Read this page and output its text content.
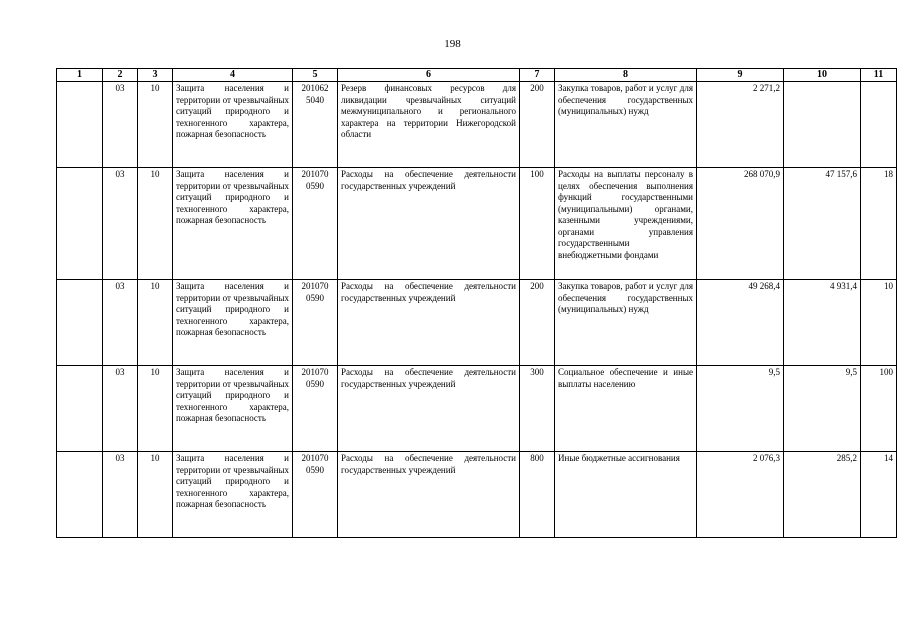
198
1	2	3	4	5	6	7	8	9	10	11
	03	10	Защита населения и территории от чрезвычайных ситуаций природного и техногенного характера, пожарная безопасность	201062 5040	Резерв финансовых ресурсов для ликвидации чрезвычайных ситуаций межмуниципального и регионального характера на территории Нижегородской области	200	Закупка товаров, работ и услуг для обеспечения государственных (муниципальных) нужд	2 271,2		
	03	10	Защита населения и территории от чрезвычайных ситуаций природного и техногенного характера, пожарная безопасность	201070 0590	Расходы на обеспечение деятельности государственных учреждений	100	Расходы на выплаты персоналу в целях обеспечения выполнения функций государственными (муниципальными) органами, казенными учреждениями, органами управления государственными внебюджетными фондами	268 070,9	47 157,6	18
	03	10	Защита населения и территории от чрезвычайных ситуаций природного и техногенного характера, пожарная безопасность	201070 0590	Расходы на обеспечение деятельности государственных учреждений	200	Закупка товаров, работ и услуг для обеспечения государственных (муниципальных) нужд	49 268,4	4 931,4	10
	03	10	Защита населения и территории от чрезвычайных ситуаций природного и техногенного характера, пожарная безопасность	201070 0590	Расходы на обеспечение деятельности государственных учреждений	300	Социальное обеспечение и иные выплаты населению	9,5	9,5	100
	03	10	Защита населения и территории от чрезвычайных ситуаций природного и техногенного характера, пожарная безопасность	201070 0590	Расходы на обеспечение деятельности государственных учреждений	800	Иные бюджетные ассигнования	2 076,3	285,2	14
